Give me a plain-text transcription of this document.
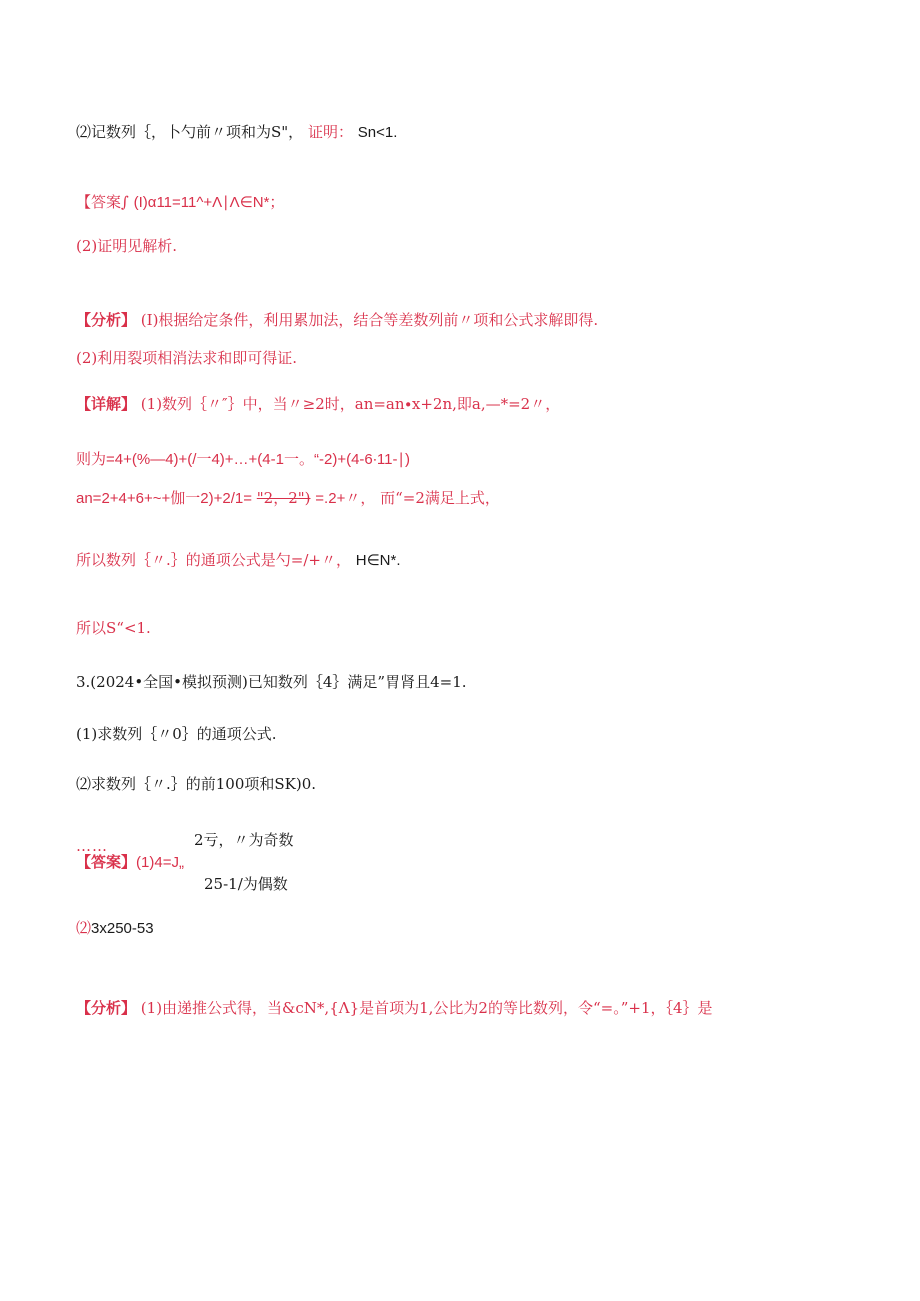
⑵记数列｛，卜勺前〃项和为S"， 证明： Sn<1.
【答案∫ (I)α11=11^+Λ∣Λ∈N*；
(2)证明见解析.
【分析】 (I)根据给定条件，利用累加法，结合等差数列前〃项和公式求解即得.
(2)利用裂项相消法求和即可得证.
【详解】 (1)数列｛〃″｝中，当〃≥2时，an=an∙x+2n,即a,—*=2〃，
则为=4+(%—4)+(/一4)+…+(4-1一。“-2)+(4-6∙11-∣)
an=2+4+6+~+伽一2)+2/1= "2，2") =.2+〃， 而“=2满足上式，
所以数列｛〃.｝的通项公式是勺=/+〃， H∈N*.
所以S“<1.
3.(2024•全国•模拟预测)已知数列｛4｝满足”胃肾且4=1.
(1)求数列｛〃0｝的通项公式.
⑵求数列｛〃.｝的前100项和SK)0.
……
【答案】(1)4=J„
2亏，〃为奇数
25-1/为偶数
⑵3x250-53
【分析】 (1)由递推公式得，当&cN*,{Λ}是首项为1,公比为2的等比数列，令“=。”+1，｛4｝是
